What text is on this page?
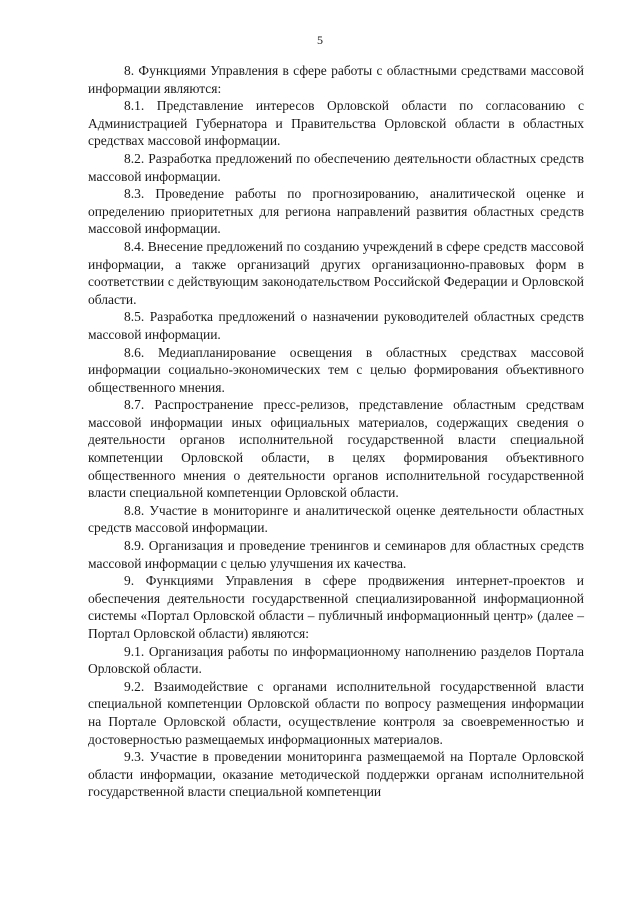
5

8. Функциями Управления в сфере работы с областными средствами массовой информации являются:

8.1. Представление интересов Орловской области по согласованию с Администрацией Губернатора и Правительства Орловской области в областных средствах массовой информации.

8.2. Разработка предложений по обеспечению деятельности областных средств массовой информации.

8.3. Проведение работы по прогнозированию, аналитической оценке и определению приоритетных для региона направлений развития областных средств массовой информации.

8.4. Внесение предложений по созданию учреждений в сфере средств массовой информации, а также организаций других организационно-правовых форм в соответствии с действующим законодательством Российской Федерации и Орловской области.

8.5. Разработка предложений о назначении руководителей областных средств массовой информации.

8.6. Медиапланирование освещения в областных средствах массовой информации социально-экономических тем с целью формирования объективного общественного мнения.

8.7. Распространение пресс-релизов, представление областным средствам массовой информации иных официальных материалов, содержащих сведения о деятельности органов исполнительной государственной власти специальной компетенции Орловской области, в целях формирования объективного общественного мнения о деятельности органов исполнительной государственной власти специальной компетенции Орловской области.

8.8. Участие в мониторинге и аналитической оценке деятельности областных средств массовой информации.

8.9. Организация и проведение тренингов и семинаров для областных средств массовой информации с целью улучшения их качества.

9. Функциями Управления в сфере продвижения интернет-проектов и обеспечения деятельности государственной специализированной информационной системы «Портал Орловской области – публичный информационный центр» (далее – Портал Орловской области) являются:

9.1. Организация работы по информационному наполнению разделов Портала Орловской области.

9.2. Взаимодействие с органами исполнительной государственной власти специальной компетенции Орловской области по вопросу размещения информации на Портале Орловской области, осуществление контроля за своевременностью и достоверностью размещаемых информационных материалов.

9.3. Участие в проведении мониторинга размещаемой на Портале Орловской области информации, оказание методической поддержки органам исполнительной государственной власти специальной компетенции
